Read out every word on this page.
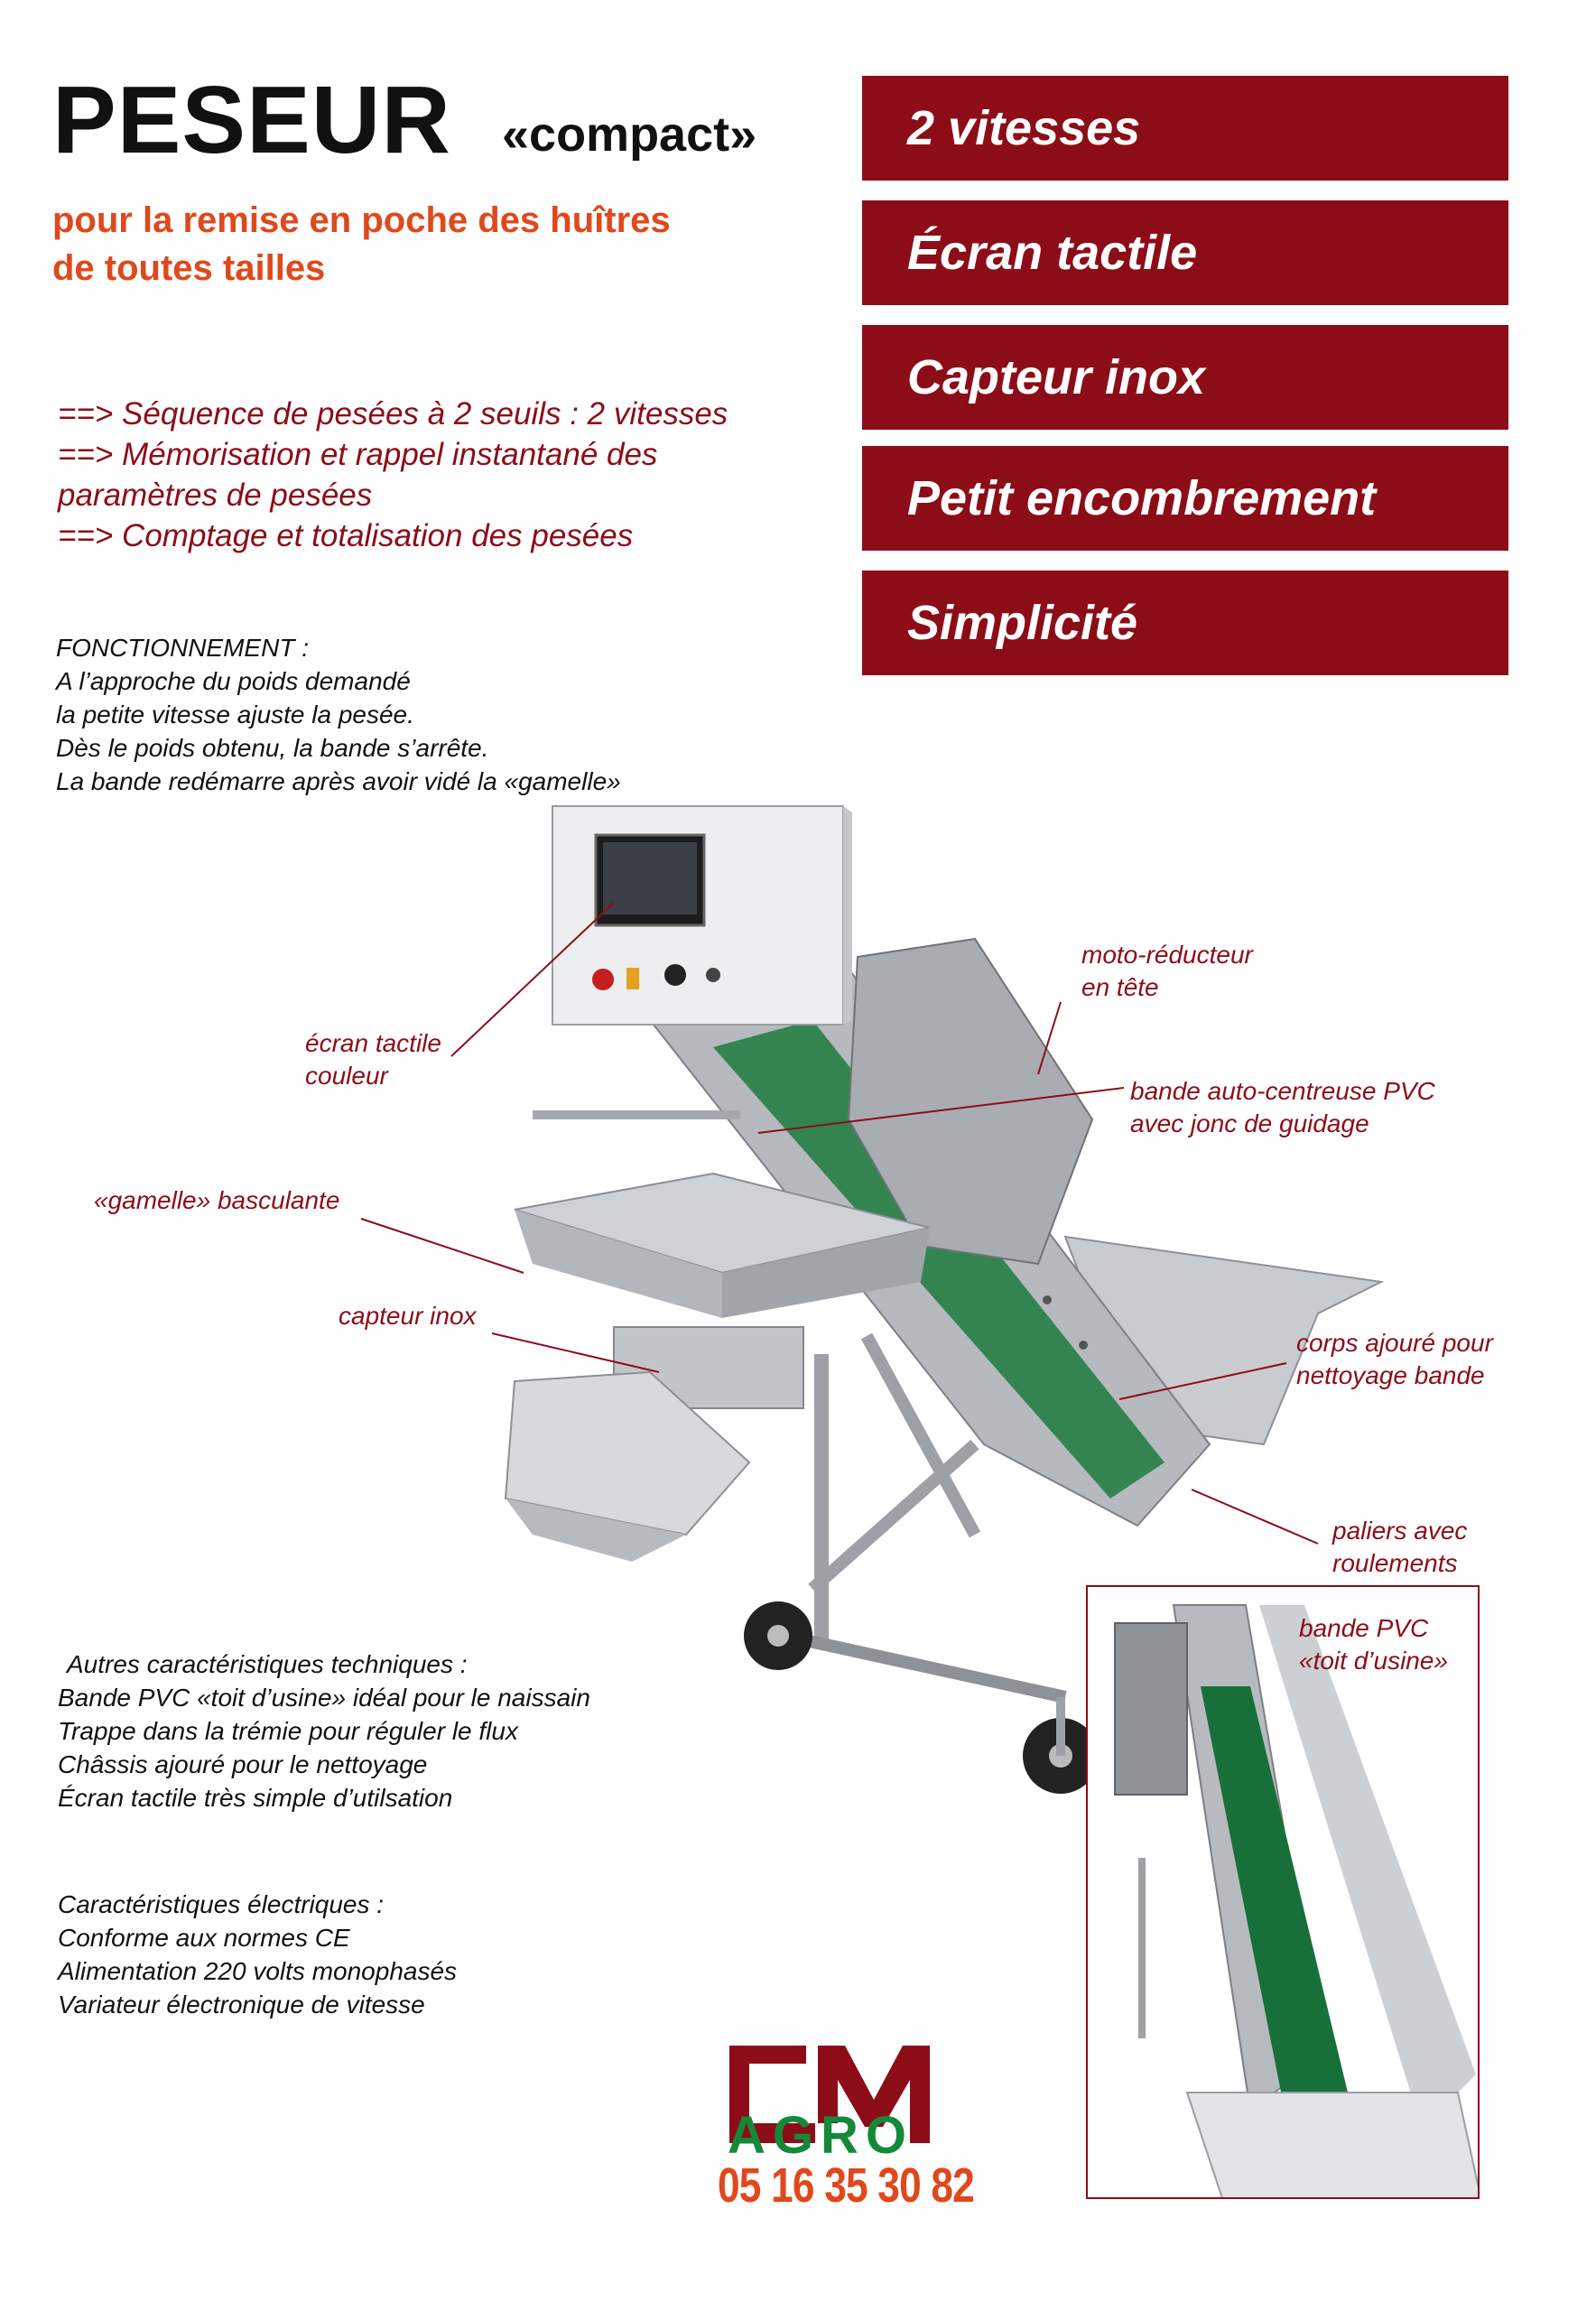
PESEUR «compact»
pour la remise en poche des huîtres
de toutes tailles
2 vitesses
Écran tactile
Capteur inox
Petit encombrement
Simplicité
==> Séquence de pesées à 2 seuils : 2 vitesses
==> Mémorisation et rappel instantané des
paramètres de pesées
==> Comptage et totalisation des pesées
FONCTIONNEMENT :
A l’approche du poids demandé
la petite vitesse ajuste la pesée.
Dès le poids obtenu, la bande s’arrête.
La bande redémarre après avoir vidé la «gamelle»
écran tactile
couleur
moto-réducteur
en tête
bande auto-centreuse PVC
avec jonc de guidage
«gamelle» basculante
capteur inox
corps ajouré pour
nettoyage bande
paliers avec
roulements
bande PVC
«toit d’usine»
Autres caractéristiques techniques :
Bande PVC «toit d’usine» idéal pour le naissain
Trappe dans la trémie pour réguler le flux
Châssis ajouré pour le nettoyage
Écran tactile très simple d’utilsation
Caractéristiques électriques :
Conforme aux normes CE
Alimentation 220 volts monophasés
Variateur électronique de vitesse
AGRO
05 16 35 30 82
